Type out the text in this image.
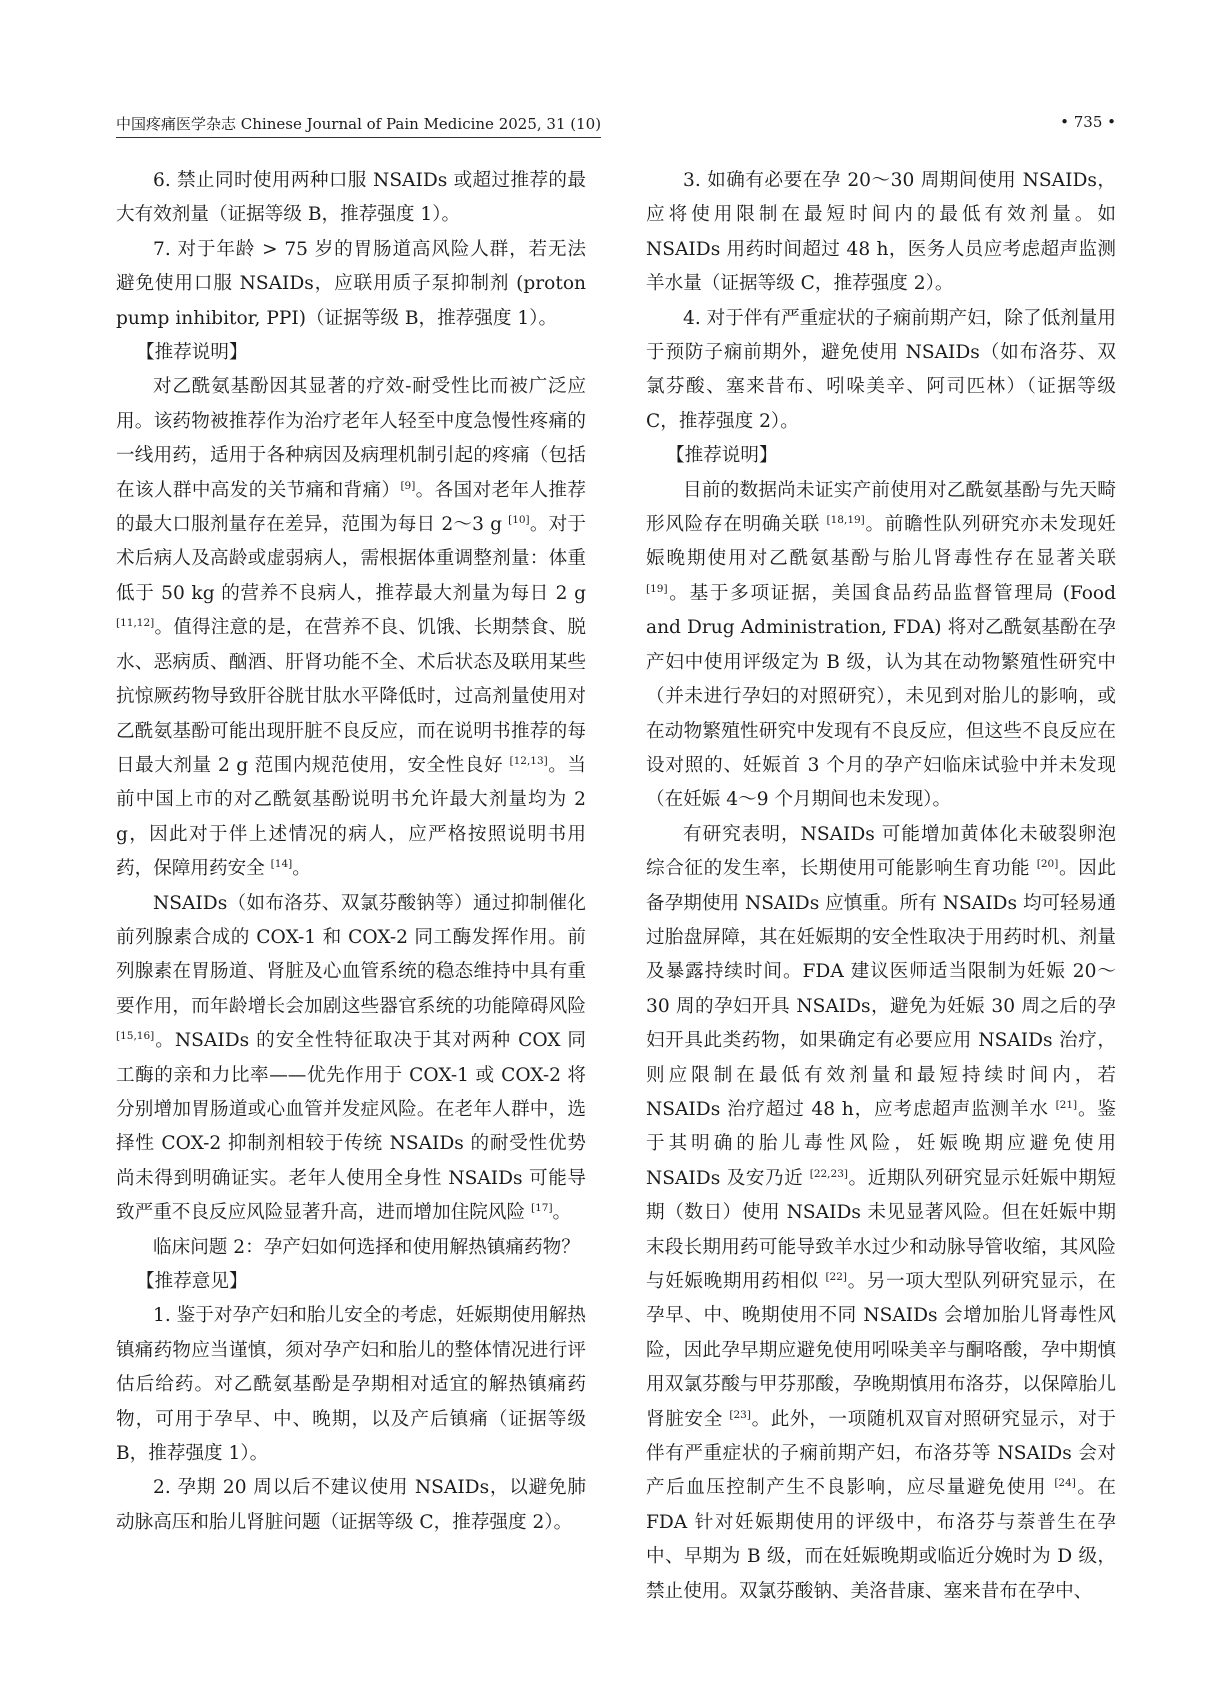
中国疼痛医学杂志 Chinese Journal of Pain Medicine 2025, 31 (10)	• 735 •

6. 禁止同时使用两种口服 NSAIDs 或超过推荐的最大有效剂量（证据等级 B，推荐强度 1）。

7. 对于年龄 > 75 岁的胃肠道高风险人群，若无法避免使用口服 NSAIDs，应联用质子泵抑制剂 (proton pump inhibitor, PPI)（证据等级 B，推荐强度 1）。

【推荐说明】

对乙酰氨基酚因其显著的疗效-耐受性比而被广泛应用。该药物被推荐作为治疗老年人轻至中度急慢性疼痛的一线用药，适用于各种病因及病理机制引起的疼痛（包括在该人群中高发的关节痛和背痛）[9]。各国对老年人推荐的最大口服剂量存在差异，范围为每日 2～3 g [10]。对于术后病人及高龄或虚弱病人，需根据体重调整剂量：体重低于 50 kg 的营养不良病人，推荐最大剂量为每日 2 g [11,12]。值得注意的是，在营养不良、饥饿、长期禁食、脱水、恶病质、酗酒、肝肾功能不全、术后状态及联用某些抗惊厥药物导致肝谷胱甘肽水平降低时，过高剂量使用对乙酰氨基酚可能出现肝脏不良反应，而在说明书推荐的每日最大剂量 2 g 范围内规范使用，安全性良好 [12,13]。当前中国上市的对乙酰氨基酚说明书允许最大剂量均为 2 g，因此对于伴上述情况的病人，应严格按照说明书用药，保障用药安全 [14]。

NSAIDs（如布洛芬、双氯芬酸钠等）通过抑制催化前列腺素合成的 COX-1 和 COX-2 同工酶发挥作用。前列腺素在胃肠道、肾脏及心血管系统的稳态维持中具有重要作用，而年龄增长会加剧这些器官系统的功能障碍风险 [15,16]。NSAIDs 的安全性特征取决于其对两种 COX 同工酶的亲和力比率——优先作用于 COX-1 或 COX-2 将分别增加胃肠道或心血管并发症风险。在老年人群中，选择性 COX-2 抑制剂相较于传统 NSAIDs 的耐受性优势尚未得到明确证实。老年人使用全身性 NSAIDs 可能导致严重不良反应风险显著升高，进而增加住院风险 [17]。

临床问题 2：孕产妇如何选择和使用解热镇痛药物？

【推荐意见】

1. 鉴于对孕产妇和胎儿安全的考虑，妊娠期使用解热镇痛药物应当谨慎，须对孕产妇和胎儿的整体情况进行评估后给药。对乙酰氨基酚是孕期相对适宜的解热镇痛药物，可用于孕早、中、晚期，以及产后镇痛（证据等级 B，推荐强度 1）。

2. 孕期 20 周以后不建议使用 NSAIDs，以避免肺动脉高压和胎儿肾脏问题（证据等级 C，推荐强度 2）。

3. 如确有必要在孕 20～30 周期间使用 NSAIDs，应将使用限制在最短时间内的最低有效剂量。如 NSAIDs 用药时间超过 48 h，医务人员应考虑超声监测羊水量（证据等级 C，推荐强度 2）。

4. 对于伴有严重症状的子痫前期产妇，除了低剂量用于预防子痫前期外，避免使用 NSAIDs（如布洛芬、双氯芬酸、塞来昔布、吲哚美辛、阿司匹林）（证据等级 C，推荐强度 2）。

【推荐说明】

目前的数据尚未证实产前使用对乙酰氨基酚与先天畸形风险存在明确关联 [18,19]。前瞻性队列研究亦未发现妊娠晚期使用对乙酰氨基酚与胎儿肾毒性存在显著关联 [19]。基于多项证据，美国食品药品监督管理局 (Food and Drug Administration, FDA) 将对乙酰氨基酚在孕产妇中使用评级定为 B 级，认为其在动物繁殖性研究中（并未进行孕妇的对照研究），未见到对胎儿的影响，或在动物繁殖性研究中发现有不良反应，但这些不良反应在设对照的、妊娠首 3 个月的孕产妇临床试验中并未发现（在妊娠 4～9 个月期间也未发现）。

有研究表明，NSAIDs 可能增加黄体化未破裂卵泡综合征的发生率，长期使用可能影响生育功能 [20]。因此备孕期使用 NSAIDs 应慎重。所有 NSAIDs 均可轻易通过胎盘屏障，其在妊娠期的安全性取决于用药时机、剂量及暴露持续时间。FDA 建议医师适当限制为妊娠 20～30 周的孕妇开具 NSAIDs，避免为妊娠 30 周之后的孕妇开具此类药物，如果确定有必要应用 NSAIDs 治疗，则应限制在最低有效剂量和最短持续时间内，若 NSAIDs 治疗超过 48 h，应考虑超声监测羊水 [21]。鉴于其明确的胎儿毒性风险，妊娠晚期应避免使用 NSAIDs 及安乃近 [22,23]。近期队列研究显示妊娠中期短期（数日）使用 NSAIDs 未见显著风险。但在妊娠中期末段长期用药可能导致羊水过少和动脉导管收缩，其风险与妊娠晚期用药相似 [22]。另一项大型队列研究显示，在孕早、中、晚期使用不同 NSAIDs 会增加胎儿肾毒性风险，因此孕早期应避免使用吲哚美辛与酮咯酸，孕中期慎用双氯芬酸与甲芬那酸，孕晚期慎用布洛芬，以保障胎儿肾脏安全 [23]。此外，一项随机双盲对照研究显示，对于伴有严重症状的子痫前期产妇，布洛芬等 NSAIDs 会对产后血压控制产生不良影响，应尽量避免使用 [24]。在 FDA 针对妊娠期使用的评级中，布洛芬与萘普生在孕中、早期为 B 级，而在妊娠晚期或临近分娩时为 D 级，禁止使用。双氯芬酸钠、美洛昔康、塞来昔布在孕中、
